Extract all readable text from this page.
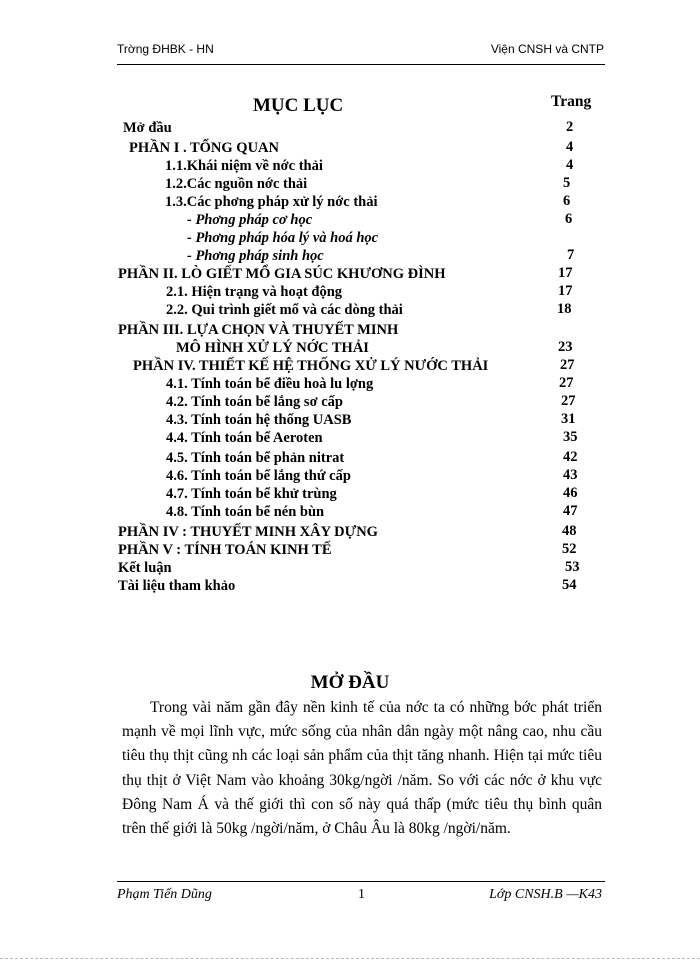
Trờng ĐHBK - HN	Viện CNSH và CNTP
MỤC LỤC	Trang
Mở đầu	2
PHẦN I . TỔNG QUAN	4
1.1.Khái niệm về nớc thải	4
1.2.Các nguồn nớc thải	5
1.3.Các phơng pháp xử lý nớc thải	6
- Phơng pháp cơ học	6
- Phơng pháp hóa lý và hoá học
- Phơng pháp sinh học	7
PHẦN II. LÒ GIẾT MỔ GIA SÚC KHƯƠNG ĐÌNH	17
2.1. Hiện trạng và hoạt động	17
2.2. Qui trình giết mổ và các dòng thải	18
PHẦN III. LỰA CHỌN VÀ THUYẾT MINH
MÔ HÌNH XỬ LÝ NỚC THẢI	23
PHẦN IV. THIẾT KẾ HỆ THỐNG XỬ LÝ NƯỚC THẢI	27
4.1. Tính toán bể điều hoà lu lợng	27
4.2. Tính toán bể lắng sơ cấp	27
4.3. Tính toán hệ thống UASB	31
4.4. Tính toán bể Aeroten	35
4.5. Tính toán bể phản nitrat	42
4.6. Tính toán bể lắng thứ cấp	43
4.7. Tính toán bể khử trùng	46
4.8. Tính toán bể nén bùn	47
PHẦN IV : THUYẾT MINH XÂY DỰNG	48
PHẦN V : TÍNH TOÁN KINH TẾ	52
Kết luận	53
Tài liệu tham khảo	54
MỞ ĐẦU
Trong vài năm gần đây nền kinh tế của nớc ta có những bớc phát triển mạnh về mọi lĩnh vực, mức sống của nhân dân ngày một nâng cao, nhu cầu tiêu thụ thịt cũng nh các loại sản phẩm của thịt tăng nhanh. Hiện tại mức tiêu thụ thịt ở Việt Nam vào khoảng 30kg/ngời /năm. So với các nớc ở khu vực Đông Nam Á và thế giới thì con số này quá thấp (mức tiêu thụ bình quân trên thế giới là 50kg /ngời/năm, ở Châu Âu là 80kg /ngời/năm.
Phạm Tiến Dũng	1	Lớp CNSH.B —K43
